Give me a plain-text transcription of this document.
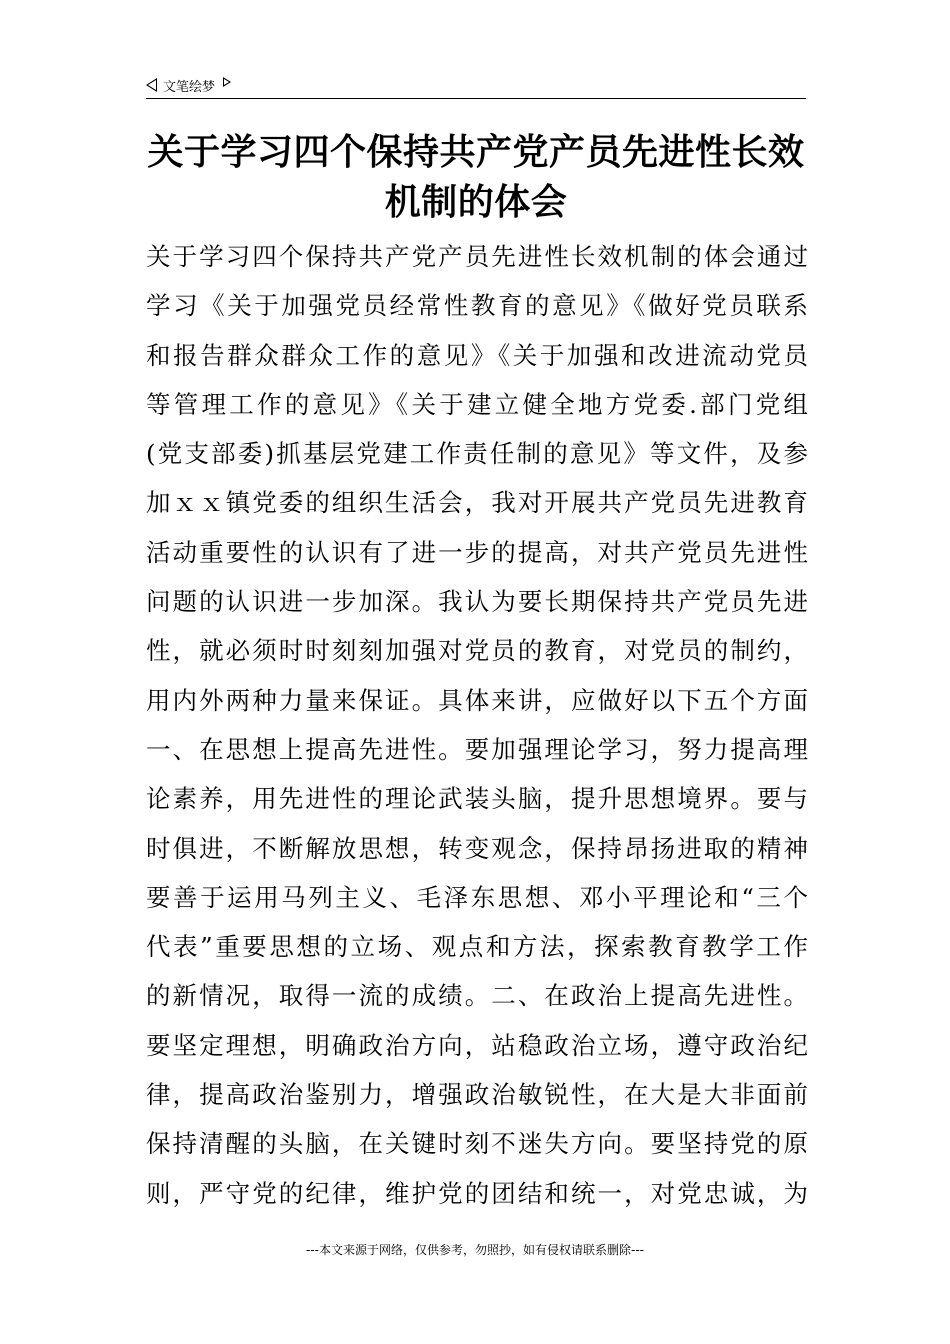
文笔绘梦
关于学习四个保持共产党产员先进性长效机制的体会
关于学习四个保持共产党产员先进性长效机制的体会通过
学习《关于加强党员经常性教育的意见》《做好党员联系
和报告群众群众工作的意见》《关于加强和改进流动党员
等管理工作的意见》《关于建立健全地方党委.部门党组
(党支部委)抓基层党建工作责任制的意见》等文件，及参
加ｘｘ镇党委的组织生活会，我对开展共产党员先进教育
活动重要性的认识有了进一步的提高，对共产党员先进性
问题的认识进一步加深。我认为要长期保持共产党员先进
性，就必须时时刻刻加强对党员的教育，对党员的制约，
用内外两种力量来保证。具体来讲，应做好以下五个方面
一、在思想上提高先进性。要加强理论学习，努力提高理
论素养，用先进性的理论武装头脑，提升思想境界。要与
时俱进，不断解放思想，转变观念，保持昂扬进取的精神
要善于运用马列主义、毛泽东思想、邓小平理论和“三个
代表”重要思想的立场、观点和方法，探索教育教学工作
的新情况，取得一流的成绩。二、在政治上提高先进性。
要坚定理想，明确政治方向，站稳政治立场，遵守政治纪
律，提高政治鉴别力，增强政治敏锐性，在大是大非面前
保持清醒的头脑，在关键时刻不迷失方向。要坚持党的原
则，严守党的纪律，维护党的团结和统一，对党忠诚，为
---本文来源于网络，仅供参考，勿照抄，如有侵权请联系删除---
